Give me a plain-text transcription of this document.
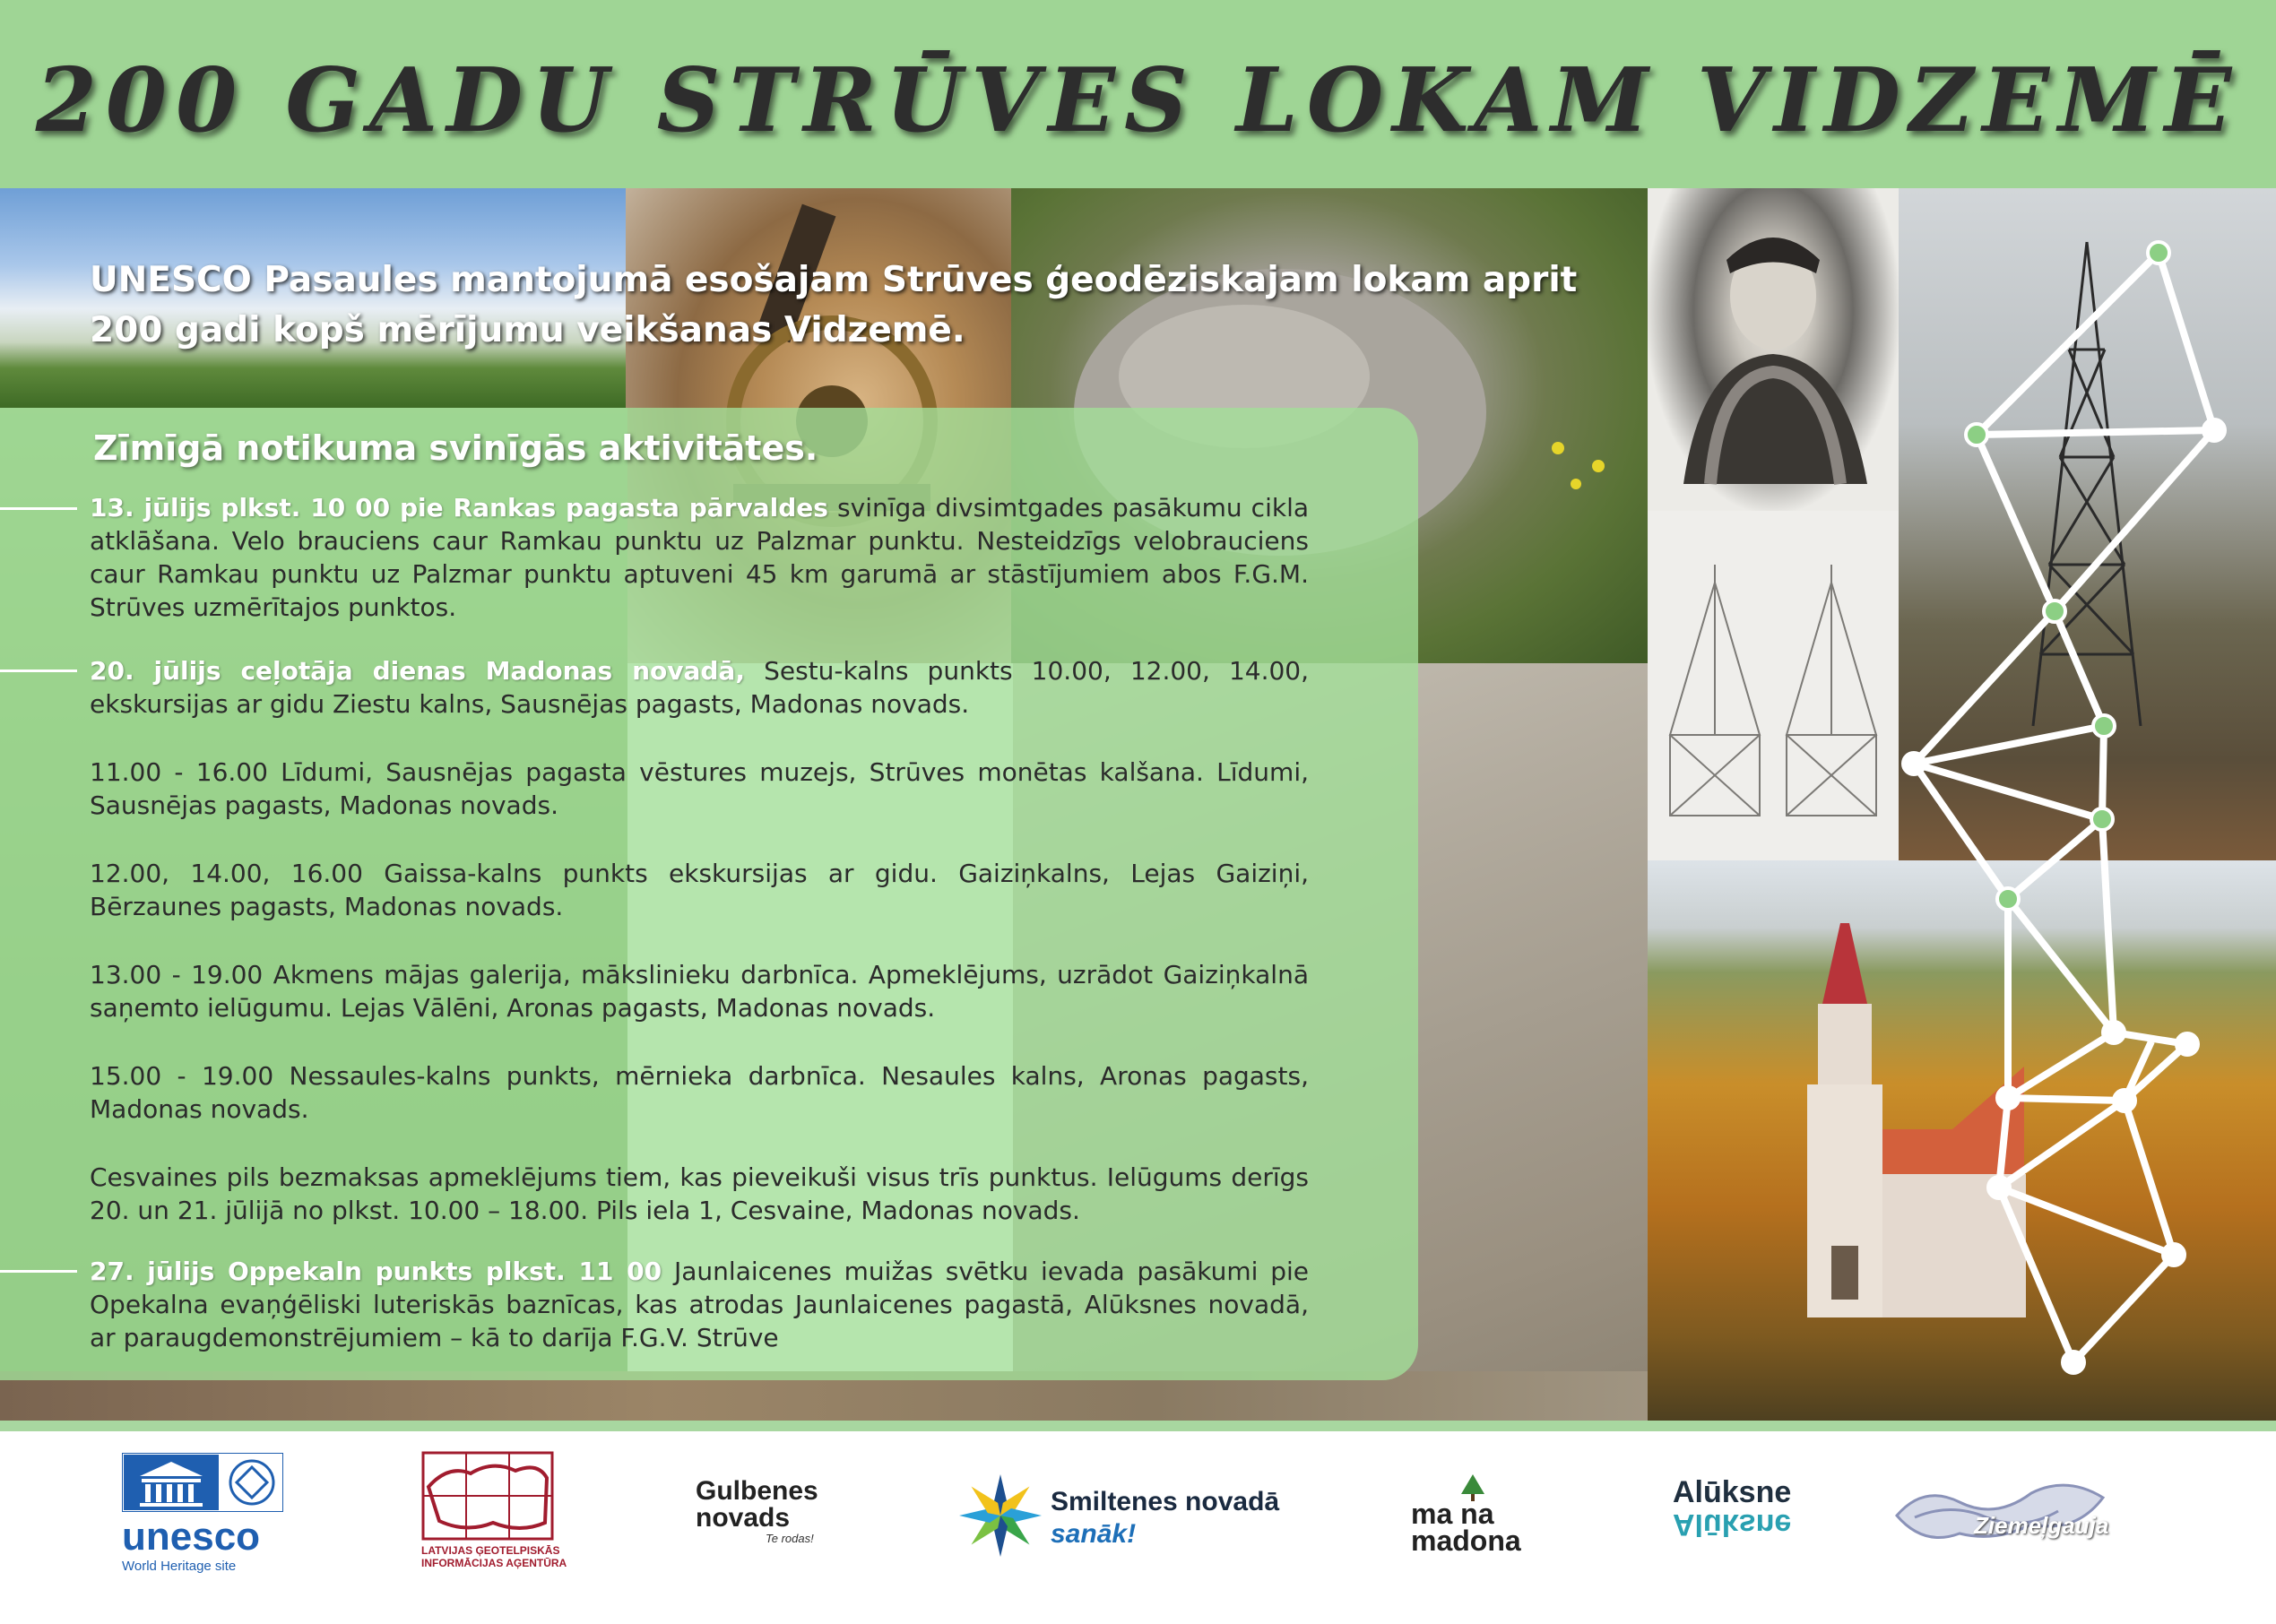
200 GADU STRŪVES LOKAM VIDZEMĒ
UNESCO Pasaules mantojumā esošajam Strūves ģeodēziskajam lokam aprit 200 gadi kopš mērījumu veikšanas Vidzemē.
Zīmīgā notikuma svinīgās aktivitātes.
13. jūlijs plkst. 10 00 pie Rankas pagasta pārvaldes svinīga divsimtgades pasākumu cikla atklāšana. Velo brauciens caur Ramkau punktu uz Palzmar punktu. Nesteidzīgs velobrauciens caur Ramkau punktu uz Palzmar punktu aptuveni 45 km garumā ar stāstījumiem abos F.G.M. Strūves uzmērītajos punktos.
20. jūlijs ceļotāja dienas Madonas novadā, Sestu-kalns punkts 10.00, 12.00, 14.00, ekskursijas ar gidu Ziestu kalns, Sausnējas pagasts, Madonas novads.
11.00 - 16.00 Līdumi, Sausnējas pagasta vēstures muzejs, Strūves monētas kalšana. Līdumi, Sausnējas pagasts, Madonas novads.
12.00, 14.00, 16.00 Gaissa-kalns punkts ekskursijas ar gidu. Gaiziņkalns, Lejas Gaiziņi, Bērzaunes pagasts, Madonas novads.
13.00 - 19.00 Akmens mājas galerija, mākslinieku darbnīca. Apmeklējums, uzrādot Gaiziņkalnā saņemto ielūgumu. Lejas Vālēni, Aronas pagasts, Madonas novads.
15.00 - 19.00 Nessaules-kalns punkts, mērnieka darbnīca. Nesaules kalns, Aronas pagasts, Madonas novads.
Cesvaines pils bezmaksas apmeklējums tiem, kas pieveikuši visus trīs punktus. Ielūgums derīgs 20. un 21. jūlijā no plkst. 10.00 – 18.00. Pils iela 1, Cesvaine, Madonas novads.
27. jūlijs Oppekaln punkts plkst. 11 00 Jaunlaicenes muižas svētku ievada pasākumi pie Opekalna evaņģēliski luteriskās baznīcas, kas atrodas Jaunlaicenes pagastā, Alūksnes novadā, ar paraugdemonstrējumiem – kā to darīja F.G.V. Strūve
unesco
World Heritage site
LATVIJAS ĢEOTELPISKĀS
INFORMĀCIJAS AĢENTŪRA
Gulbenes
novads
Te rodas!
Smiltenes novadā
sanāk!
ma na
madona
Alūksne
Alūksne	Ziemeļgauja
